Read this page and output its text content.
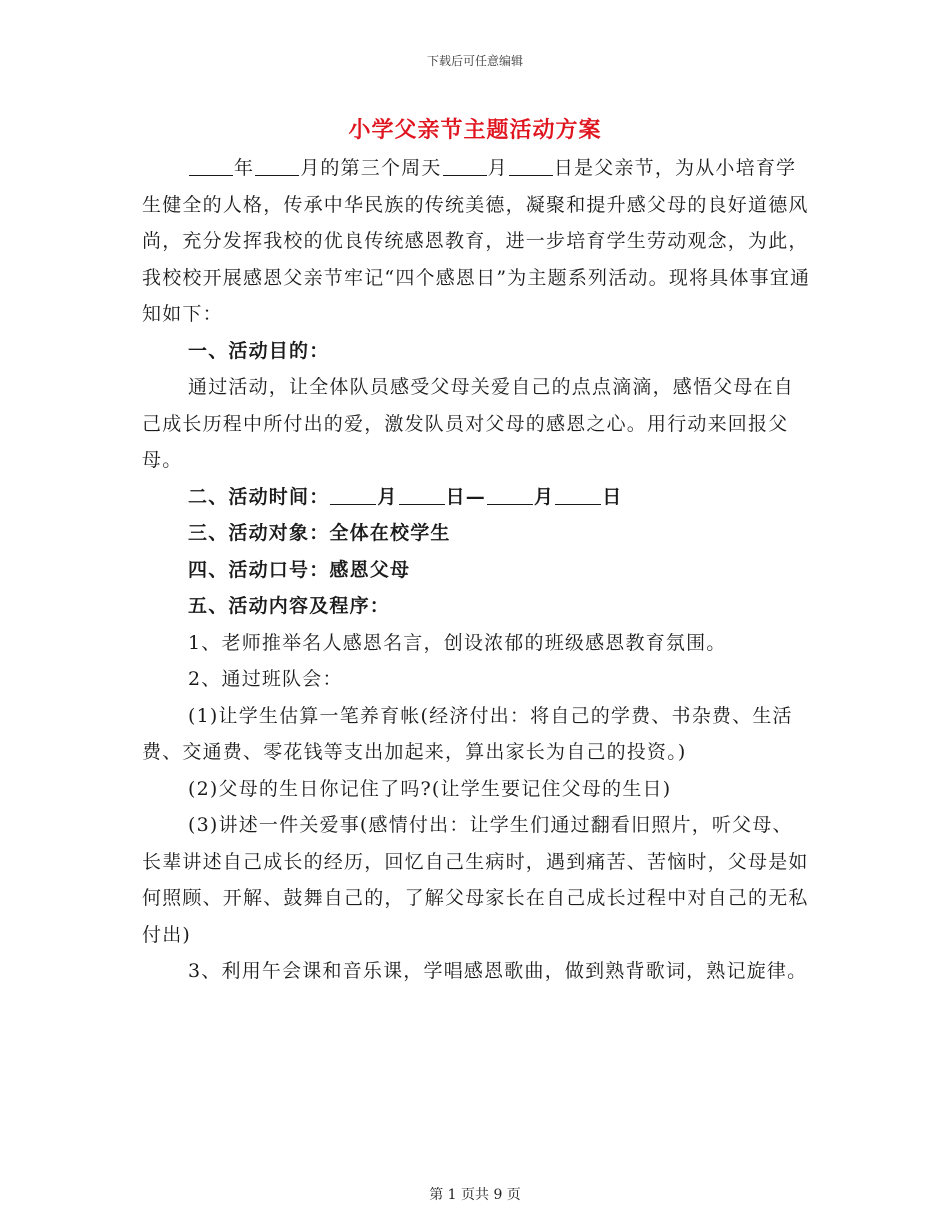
下载后可任意编辑
小学父亲节主题活动方案

年 月的第三个周天 月 日是父亲节，为从小培育学生健全的人格，传承中华民族的传统美德，凝聚和提升感父母的良好道德风尚，充分发挥我校的优良传统感恩教育，进一步培育学生劳动观念，为此，我校校开展感恩父亲节牢记“四个感恩日”为主题系列活动。现将具体事宜通知如下：

一、活动目的：

通过活动，让全体队员感受父母关爱自己的点点滴滴，感悟父母在自己成长历程中所付出的爱，激发队员对父母的感恩之心。用行动来回报父母。

二、活动时间：	月	日—	月	日

三、活动对象：全体在校学生

四、活动口号：感恩父母

五、活动内容及程序：

1、老师推举名人感恩名言，创设浓郁的班级感恩教育氛围。

2、通过班队会：

(1)让学生估算一笔养育帐(经济付出：将自己的学费、书杂费、生活费、交通费、零花钱等支出加起来，算出家长为自己的投资。)

(2)父母的生日你记住了吗?(让学生要记住父母的生日)

(3)讲述一件关爱事(感情付出：让学生们通过翻看旧照片，听父母、长辈讲述自己成长的经历，回忆自己生病时，遇到痛苦、苦恼时，父母是如何照顾、开解、鼓舞自己的，了解父母家长在自己成长过程中对自己的无私付出)

3、利用午会课和音乐课，学唱感恩歌曲，做到熟背歌词，熟记旋律。

第 1 页共 9 页
